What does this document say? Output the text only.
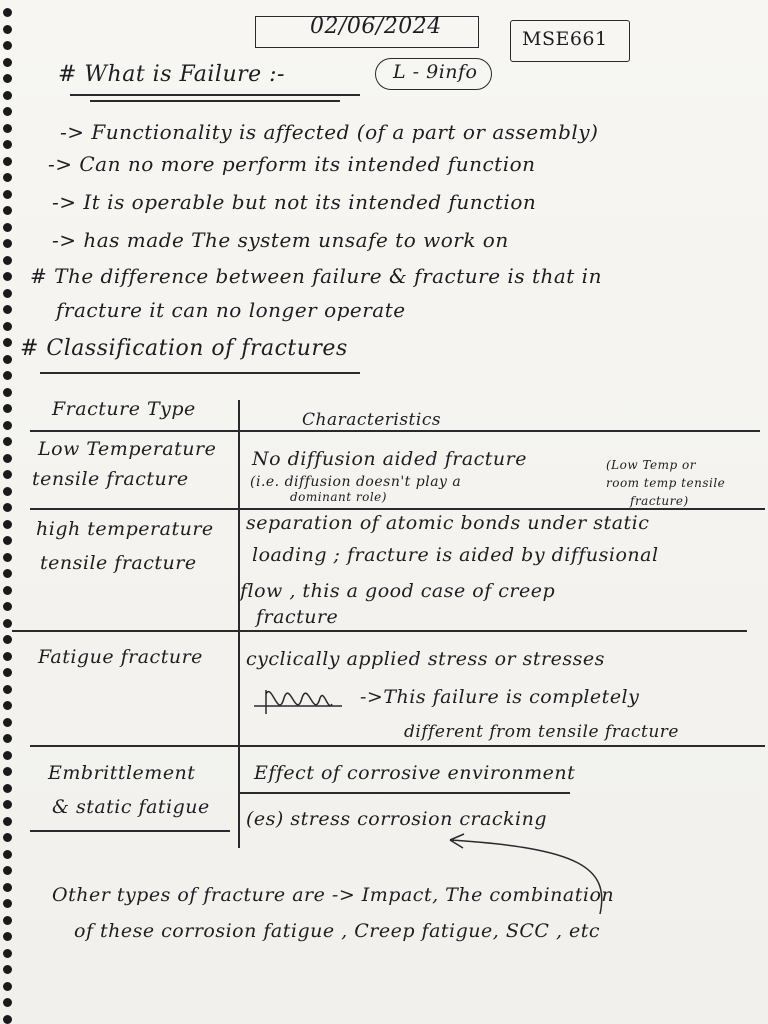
02/06/2024	MSE661
L - 9info
# What is Failure :-
-> Functionality is affected (of a part or assembly)
-> Can no more perform its intended function
-> It is operable but not its intended function
-> has made The system unsafe to work on
# The difference between failure & fracture is that in
fracture it can no longer operate
# Classification of fractures
Fracture Type	Characteristics
Low Temperature
tensile fracture
No diffusion aided fracture
(i.e. diffusion doesn't play a
dominant role)
(Low Temp or
room temp tensile
fracture)
high temperature
tensile fracture
separation of atomic bonds under static
loading ; fracture is aided by diffusional
flow , this a good case of creep
fracture
Fatigue fracture cyclically applied stress or stresses
->This failure is completely
different from tensile fracture
Embrittlement
& static fatigue
Effect of corrosive environment
(es) stress corrosion cracking
Other types of fracture are -> Impact, The combination
of these corrosion fatigue , Creep fatigue, SCC , etc
